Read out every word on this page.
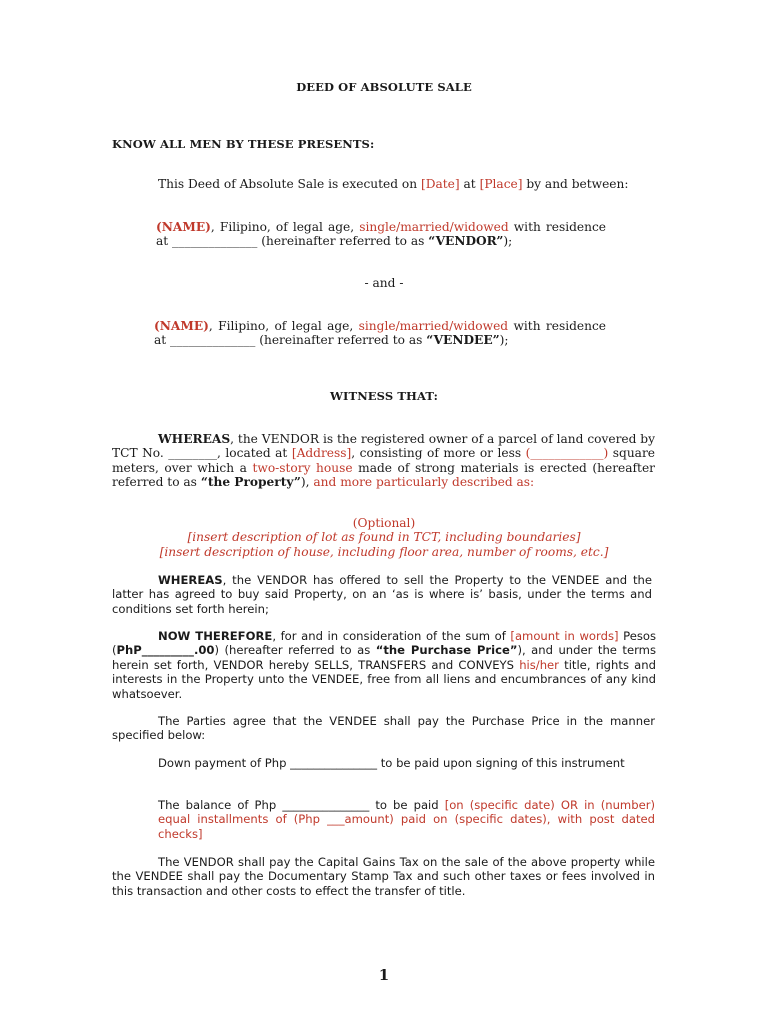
DEED OF ABSOLUTE SALE
KNOW ALL MEN BY THESE PRESENTS:

This Deed of Absolute Sale is executed on [Date] at [Place] by and between:

(NAME), Filipino, of legal age, single/married/widowed with residence at ______________ (hereinafter referred to as “VENDOR”);

- and -

(NAME), Filipino, of legal age, single/married/widowed with residence at ______________ (hereinafter referred to as “VENDEE”);

WITNESS THAT:

WHEREAS, the VENDOR is the registered owner of a parcel of land covered by TCT No. ________, located at [Address], consisting of more or less (____________) square meters, over which a two-story house made of strong materials is erected (hereafter referred to as “the Property”), and more particularly described as:

(Optional)
[insert description of lot as found in TCT, including boundaries]
[insert description of house, including floor area, number of rooms, etc.]

WHEREAS, the VENDOR has offered to sell the Property to the VENDEE and the latter has agreed to buy said Property, on an ‘as is where is’ basis, under the terms and conditions set forth herein;

NOW THEREFORE, for and in consideration of the sum of [amount in words] Pesos (PhP_________.00) (hereafter referred to as “the Purchase Price”), and under the terms herein set forth, VENDOR hereby SELLS, TRANSFERS and CONVEYS his/her title, rights and interests in the Property unto the VENDEE, free from all liens and encumbrances of any kind whatsoever.

The Parties agree that the VENDEE shall pay the Purchase Price in the manner specified below:

Down payment of Php _______________ to be paid upon signing of this instrument

The balance of Php _______________ to be paid [on (specific date) OR in (number) equal installments of (Php ___amount) paid on (specific dates), with post dated checks]

The VENDOR shall pay the Capital Gains Tax on the sale of the above property while the VENDEE shall pay the Documentary Stamp Tax and such other taxes or fees involved in this transaction and other costs to effect the transfer of title.

1
